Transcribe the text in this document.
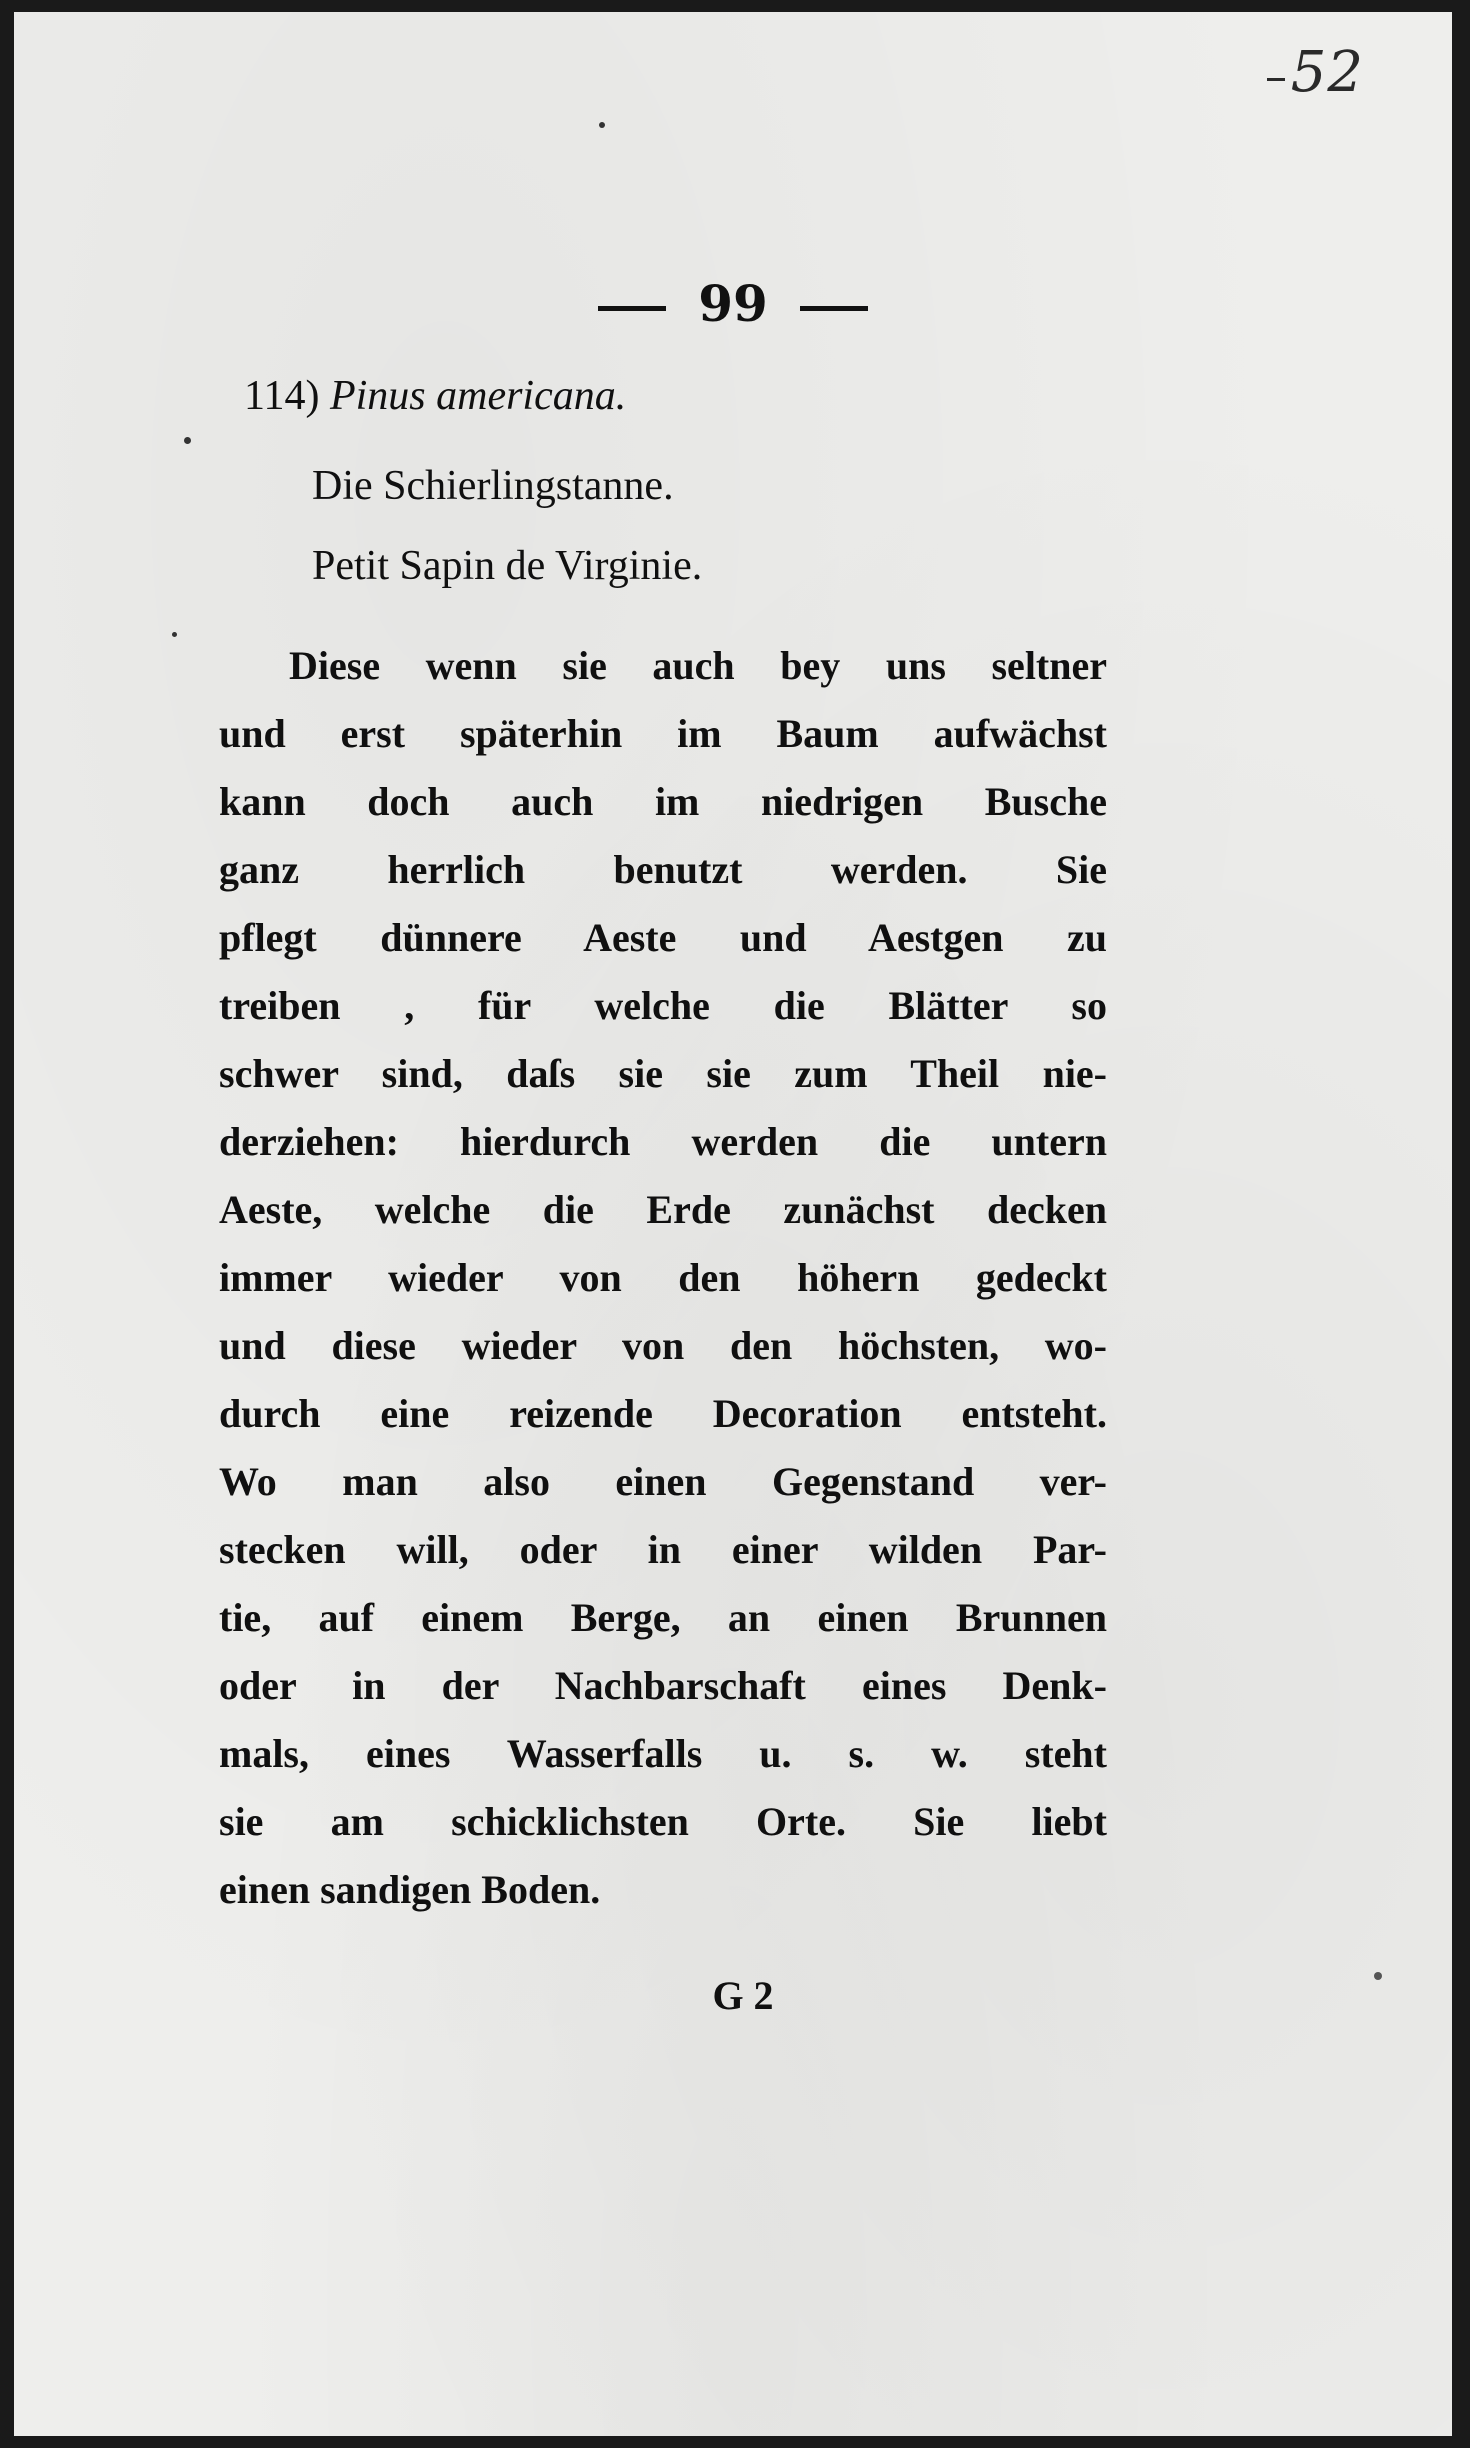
52
99
114) Pinus americana.
Die Schierlingstanne.
Petit Sapin de Virginie.
Diese wenn sie auch bey uns seltner
und erst späterhin im Baum aufwächst
kann doch auch im niedrigen Busche
ganz herrlich benutzt werden. Sie
pflegt dünnere Aeste und Aestgen zu
treiben , für welche die Blätter so
schwer sind, daſs sie sie zum Theil nie-
derziehen: hierdurch werden die untern
Aeste, welche die Erde zunächst decken
immer wieder von den höhern gedeckt
und diese wieder von den höchsten, wo-
durch eine reizende Decoration entsteht.
Wo man also einen Gegenstand ver-
stecken will, oder in einer wilden Par-
tie, auf einem Berge, an einen Brunnen
oder in der Nachbarschaft eines Denk-
mals, eines Wasserfalls u. s. w. steht
sie am schicklichsten Orte. Sie liebt
einen sandigen Boden.
G 2
